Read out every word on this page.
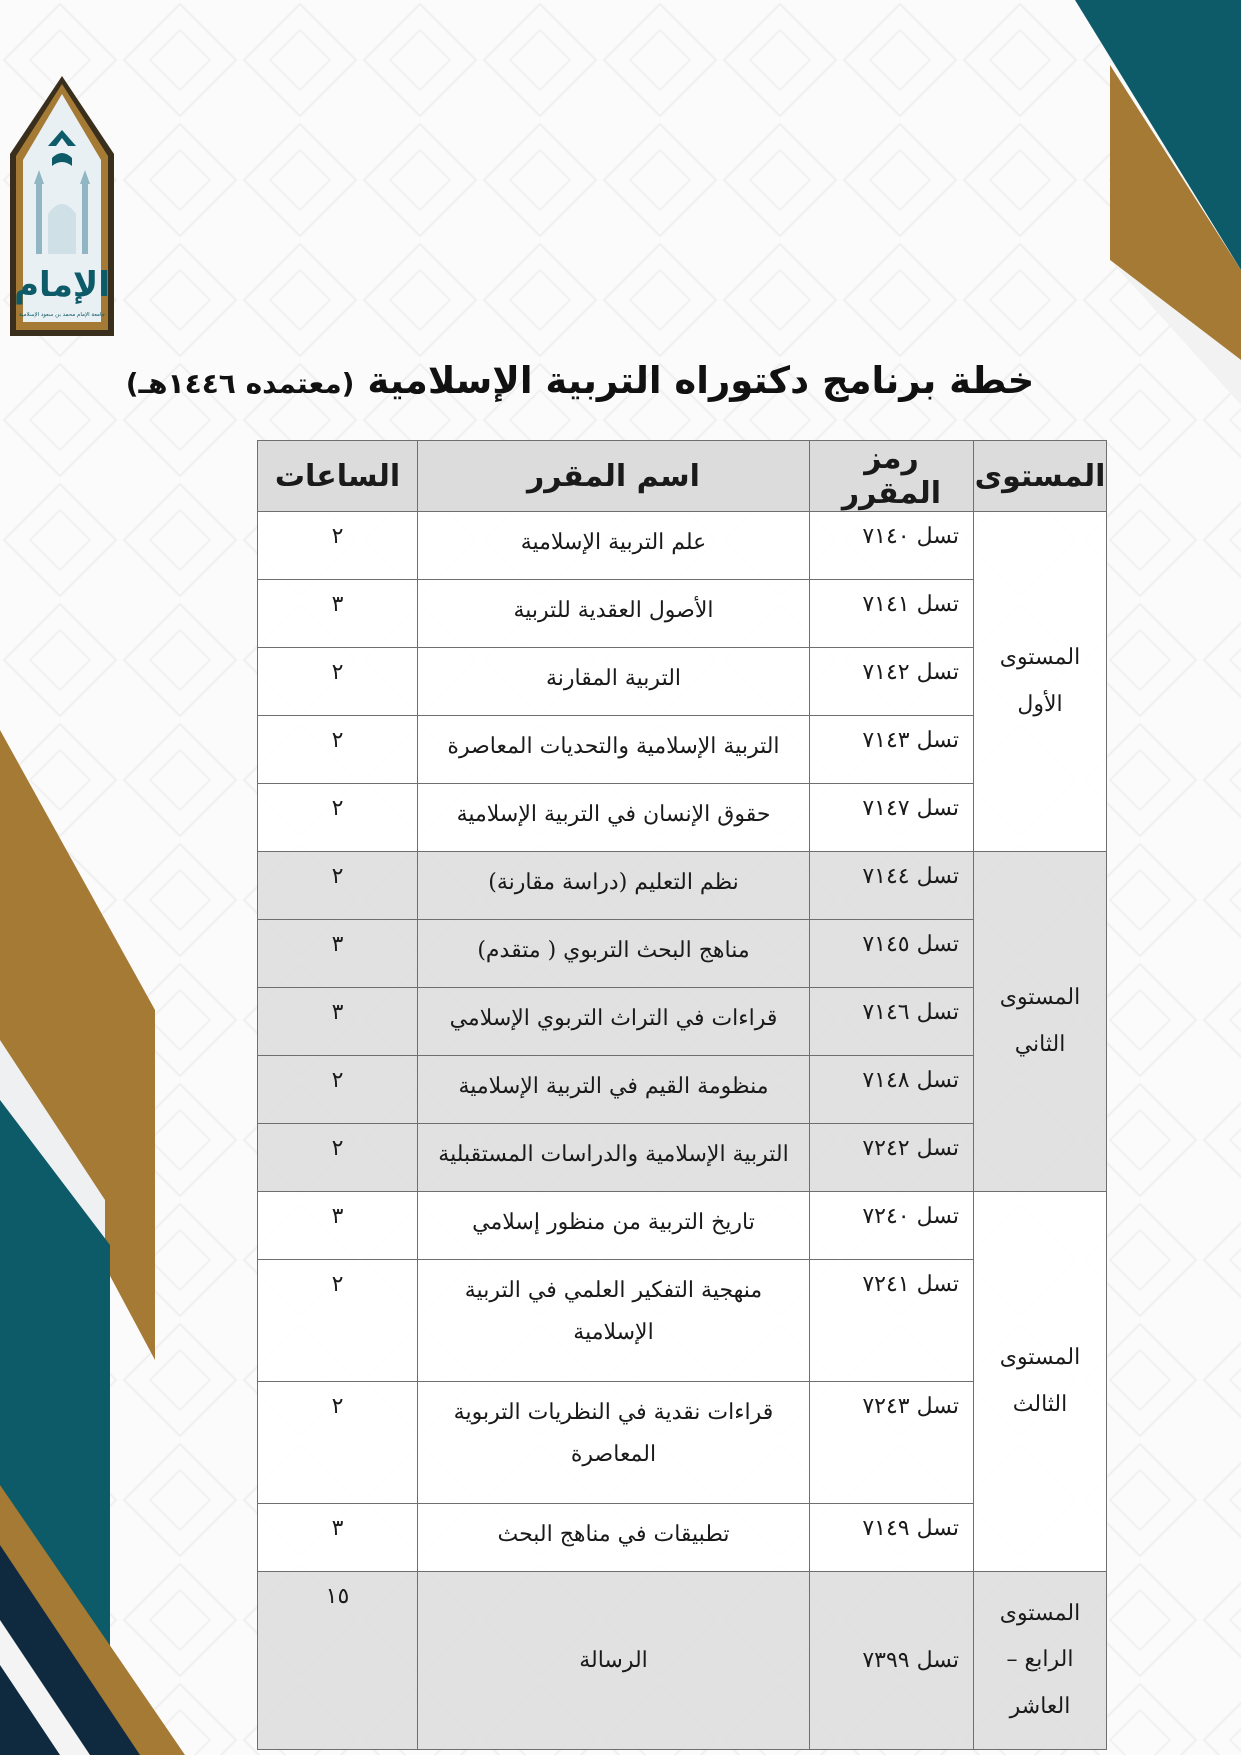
الإمام
جامعة الإمام محمد بن سعود الإسلامية
خطة برنامج دكتوراه التربية الإسلامية (معتمده ١٤٤٦هـ)
المستوى	رمز المقرر	اسم المقرر	الساعات
المستوى الأول	تسل ٧١٤٠	علم التربية الإسلامية	٢
	تسل ٧١٤١	الأصول العقدية للتربية	٣
	تسل ٧١٤٢	التربية المقارنة	٢
	تسل ٧١٤٣	التربية الإسلامية والتحديات المعاصرة	٢
	تسل ٧١٤٧	حقوق الإنسان في التربية الإسلامية	٢
المستوى الثاني	تسل ٧١٤٤	نظم التعليم (دراسة مقارنة)	٢
	تسل ٧١٤٥	مناهج البحث التربوي ( متقدم)	٣
	تسل ٧١٤٦	قراءات في التراث التربوي الإسلامي	٣
	تسل ٧١٤٨	منظومة القيم في التربية الإسلامية	٢
	تسل ٧٢٤٢	التربية الإسلامية والدراسات المستقبلية	٢
المستوى الثالث	تسل ٧٢٤٠	تاريخ التربية من منظور إسلامي	٣
	تسل ٧٢٤١	منهجية التفكير العلمي في التربية الإسلامية	٢
	تسل ٧٢٤٣	قراءات نقدية في النظريات التربوية المعاصرة	٢
	تسل ٧١٤٩	تطبيقات في مناهج البحث	٣
المستوى الرابع – العاشر	تسل ٧٣٩٩	الرسالة	١٥
